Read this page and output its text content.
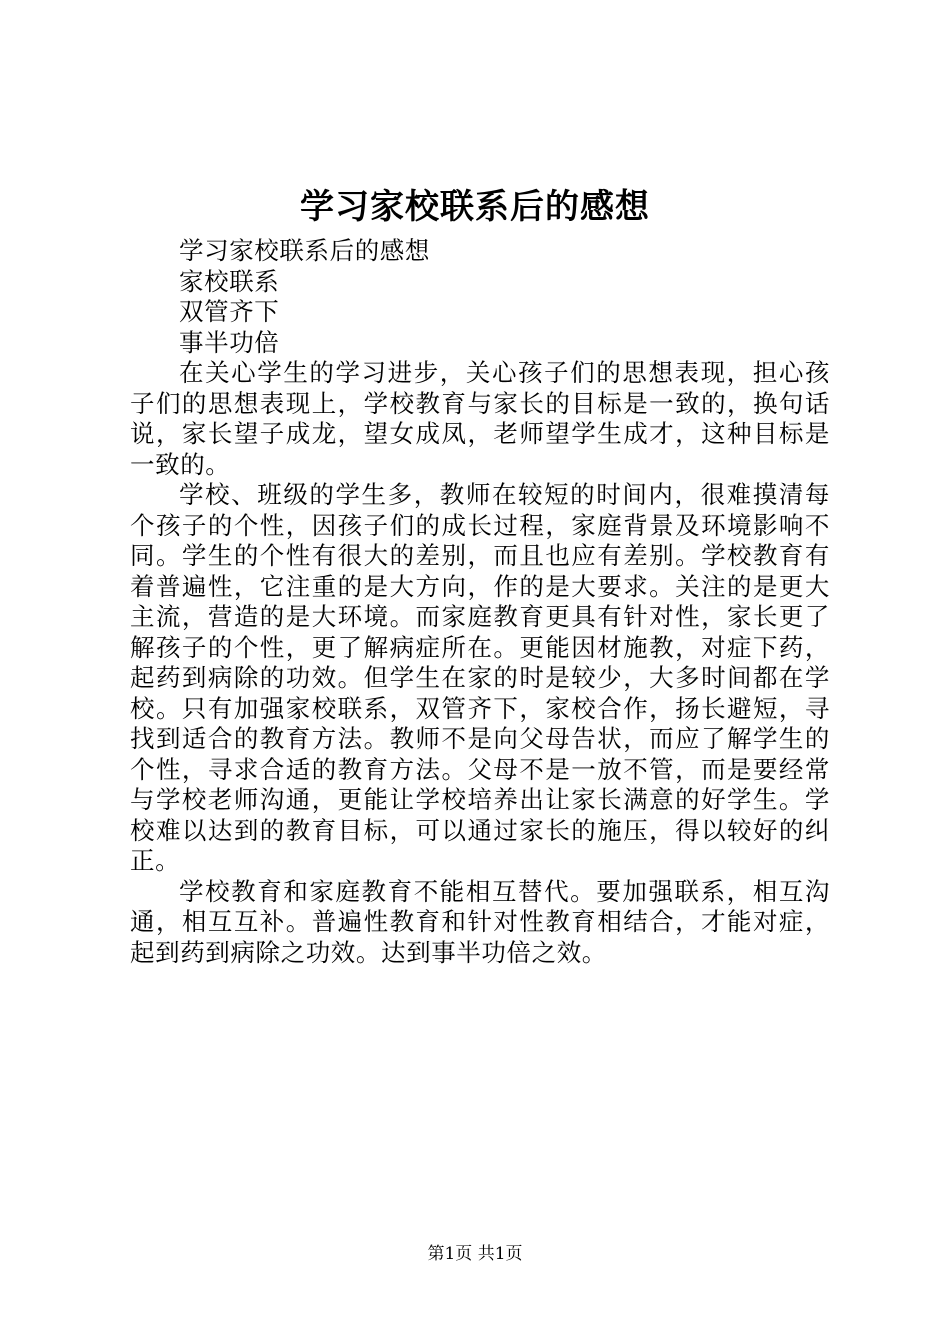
学习家校联系后的感想

学习家校联系后的感想

家校联系

双管齐下

事半功倍

在关心学生的学习进步，关心孩子们的思想表现，担心孩子们的思想表现上，学校教育与家长的目标是一致的，换句话说，家长望子成龙，望女成凤，老师望学生成才，这种目标是一致的。

学校、班级的学生多，教师在较短的时间内，很难摸清每个孩子的个性，因孩子们的成长过程，家庭背景及环境影响不同。学生的个性有很大的差别，而且也应有差别。学校教育有着普遍性，它注重的是大方向，作的是大要求。关注的是更大主流，营造的是大环境。而家庭教育更具有针对性，家长更了解孩子的个性，更了解病症所在。更能因材施教，对症下药，起药到病除的功效。但学生在家的时是较少，大多时间都在学校。只有加强家校联系，双管齐下，家校合作，扬长避短，寻找到适合的教育方法。教师不是向父母告状，而应了解学生的个性，寻求合适的教育方法。父母不是一放不管，而是要经常与学校老师沟通，更能让学校培养出让家长满意的好学生。学校难以达到的教育目标，可以通过家长的施压，得以较好的纠正。

学校教育和家庭教育不能相互替代。要加强联系，相互沟通，相互互补。普遍性教育和针对性教育相结合，才能对症，起到药到病除之功效。达到事半功倍之效。

第1页 共1页
